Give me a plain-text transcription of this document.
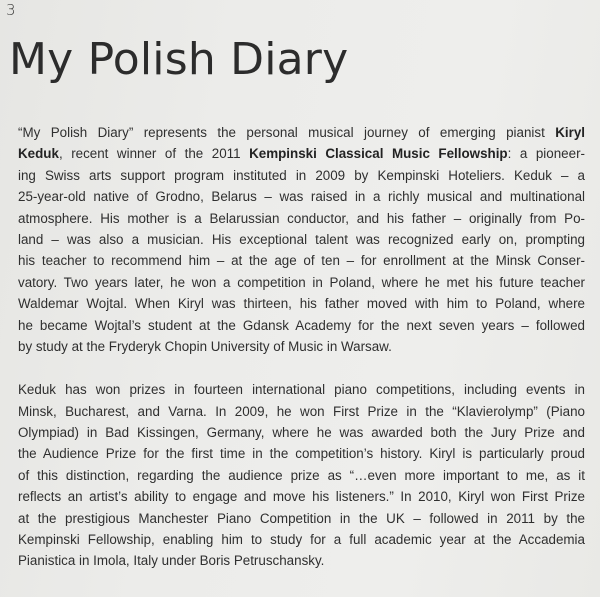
3
My Polish Diary

“My Polish Diary” represents the personal musical journey of emerging pianist Kiryl
Keduk, recent winner of the 2011 Kempinski Classical Music Fellowship: a pioneer-
ing Swiss arts support program instituted in 2009 by Kempinski Hoteliers. Keduk – a
25-year-old native of Grodno, Belarus – was raised in a richly musical and multinational
atmosphere. His mother is a Belarussian conductor, and his father – originally from Po-
land – was also a musician. His exceptional talent was recognized early on, prompting
his teacher to recommend him – at the age of ten – for enrollment at the Minsk Conser-
vatory. Two years later, he won a competition in Poland, where he met his future teacher
Waldemar Wojtal. When Kiryl was thirteen, his father moved with him to Poland, where
he became Wojtal’s student at the Gdansk Academy for the next seven years – followed
by study at the Fryderyk Chopin University of Music in Warsaw.

Keduk has won prizes in fourteen international piano competitions, including events in
Minsk, Bucharest, and Varna. In 2009, he won First Prize in the “Klavierolymp” (Piano
Olympiad) in Bad Kissingen, Germany, where he was awarded both the Jury Prize and
the Audience Prize for the first time in the competition’s history. Kiryl is particularly proud
of this distinction, regarding the audience prize as “…even more important to me, as it
reflects an artist’s ability to engage and move his listeners.” In 2010, Kiryl won First Prize
at the prestigious Manchester Piano Competition in the UK – followed in 2011 by the
Kempinski Fellowship, enabling him to study for a full academic year at the Accademia
Pianistica in Imola, Italy under Boris Petruschansky.
